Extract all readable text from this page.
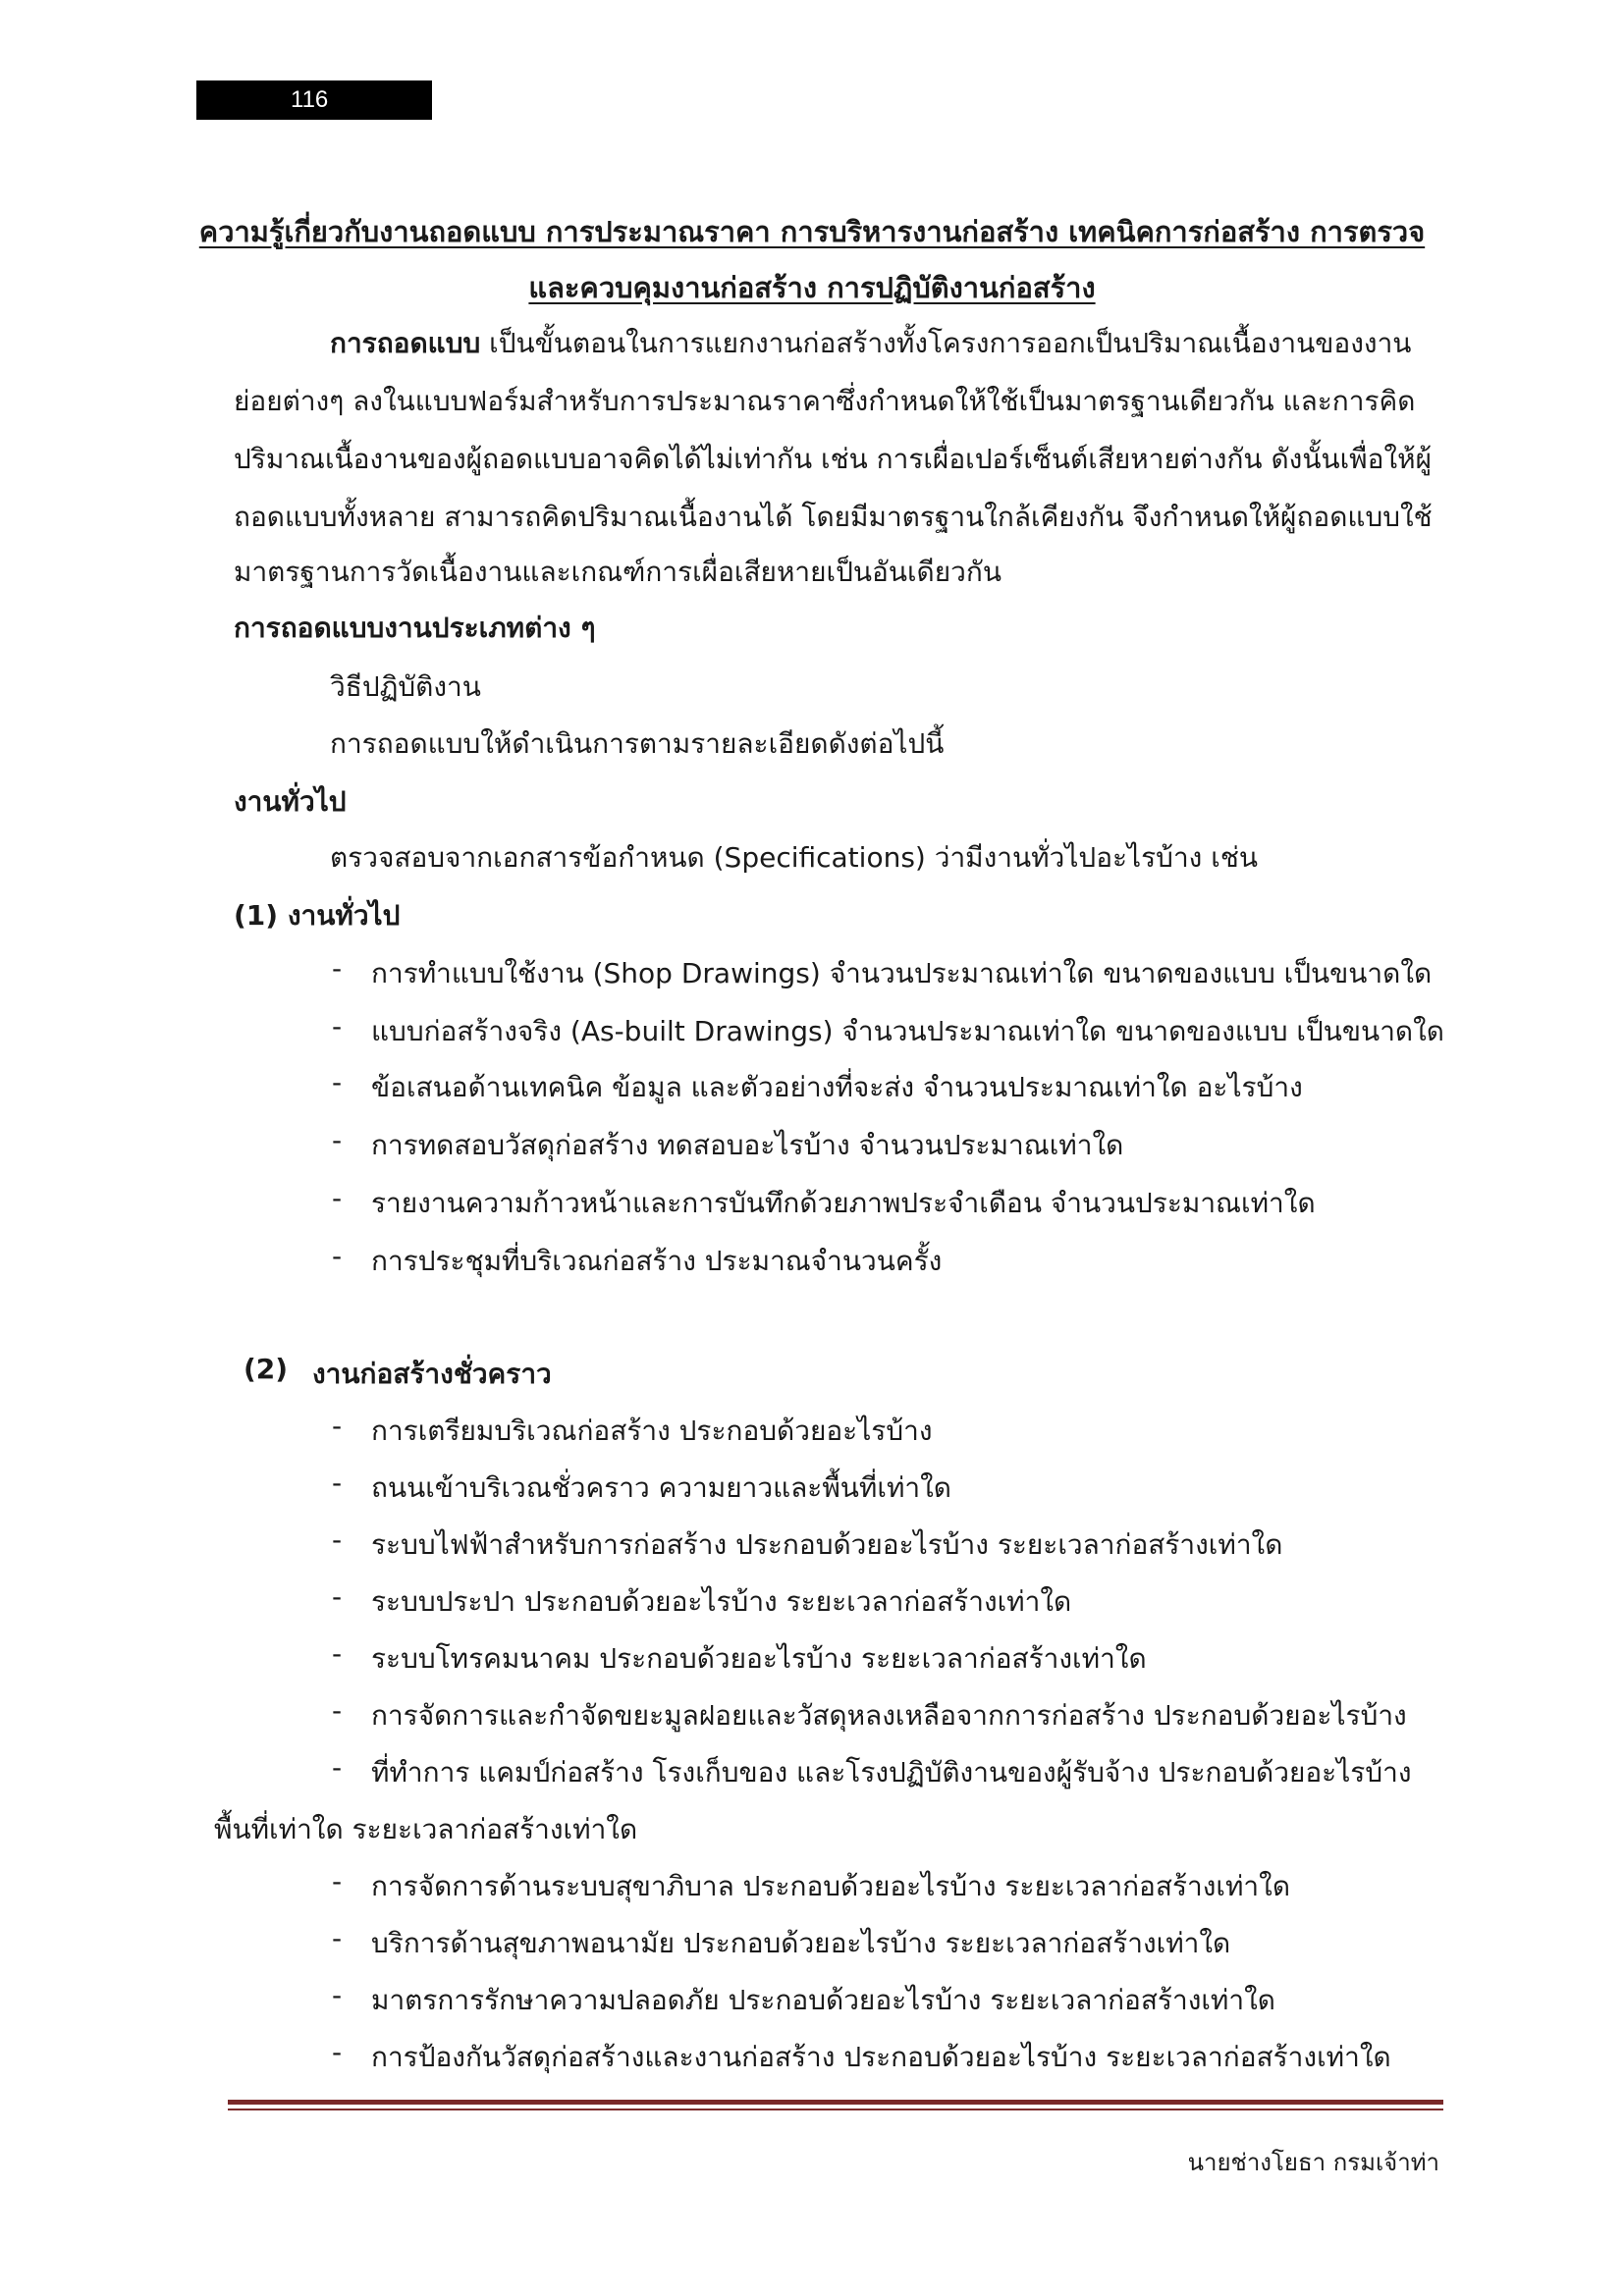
116
ความรู้เกี่ยวกับงานถอดแบบ การประมาณราคา การบริหารงานก่อสร้าง เทคนิคการก่อสร้าง การตรวจ
และควบคุมงานก่อสร้าง การปฏิบัติงานก่อสร้าง
การถอดแบบ เป็นขั้นตอนในการแยกงานก่อสร้างทั้งโครงการออกเป็นปริมาณเนื้องานของงาน
ย่อยต่างๆ ลงในแบบฟอร์มสำหรับการประมาณราคาซึ่งกำหนดให้ใช้เป็นมาตรฐานเดียวกัน และการคิด
ปริมาณเนื้องานของผู้ถอดแบบอาจคิดได้ไม่เท่ากัน เช่น การเผื่อเปอร์เซ็นต์เสียหายต่างกัน ดังนั้นเพื่อให้ผู้
ถอดแบบทั้งหลาย สามารถคิดปริมาณเนื้องานได้ โดยมีมาตรฐานใกล้เคียงกัน จึงกำหนดให้ผู้ถอดแบบใช้
มาตรฐานการวัดเนื้องานและเกณฑ์การเผื่อเสียหายเป็นอันเดียวกัน
การถอดแบบงานประเภทต่าง ๆ
วิธีปฏิบัติงาน
การถอดแบบให้ดำเนินการตามรายละเอียดดังต่อไปนี้
งานทั่วไป
ตรวจสอบจากเอกสารข้อกำหนด (Specifications) ว่ามีงานทั่วไปอะไรบ้าง เช่น
(1) งานทั่วไป
- การทำแบบใช้งาน (Shop Drawings) จำนวนประมาณเท่าใด ขนาดของแบบ เป็นขนาดใด
- แบบก่อสร้างจริง (As-built Drawings) จำนวนประมาณเท่าใด ขนาดของแบบ เป็นขนาดใด
- ข้อเสนอด้านเทคนิค ข้อมูล และตัวอย่างที่จะส่ง จำนวนประมาณเท่าใด อะไรบ้าง
- การทดสอบวัสดุก่อสร้าง ทดสอบอะไรบ้าง จำนวนประมาณเท่าใด
- รายงานความก้าวหน้าและการบันทึกด้วยภาพประจำเดือน จำนวนประมาณเท่าใด
- การประชุมที่บริเวณก่อสร้าง ประมาณจำนวนครั้ง
(2) งานก่อสร้างชั่วคราว
- การเตรียมบริเวณก่อสร้าง ประกอบด้วยอะไรบ้าง
- ถนนเข้าบริเวณชั่วคราว ความยาวและพื้นที่เท่าใด
- ระบบไฟฟ้าสำหรับการก่อสร้าง ประกอบด้วยอะไรบ้าง ระยะเวลาก่อสร้างเท่าใด
- ระบบประปา ประกอบด้วยอะไรบ้าง ระยะเวลาก่อสร้างเท่าใด
- ระบบโทรคมนาคม ประกอบด้วยอะไรบ้าง ระยะเวลาก่อสร้างเท่าใด
- การจัดการและกำจัดขยะมูลฝอยและวัสดุหลงเหลือจากการก่อสร้าง ประกอบด้วยอะไรบ้าง
- ที่ทำการ แคมป์ก่อสร้าง โรงเก็บของ และโรงปฏิบัติงานของผู้รับจ้าง ประกอบด้วยอะไรบ้าง
พื้นที่เท่าใด ระยะเวลาก่อสร้างเท่าใด
- การจัดการด้านระบบสุขาภิบาล ประกอบด้วยอะไรบ้าง ระยะเวลาก่อสร้างเท่าใด
- บริการด้านสุขภาพอนามัย ประกอบด้วยอะไรบ้าง ระยะเวลาก่อสร้างเท่าใด
- มาตรการรักษาความปลอดภัย ประกอบด้วยอะไรบ้าง ระยะเวลาก่อสร้างเท่าใด
- การป้องกันวัสดุก่อสร้างและงานก่อสร้าง ประกอบด้วยอะไรบ้าง ระยะเวลาก่อสร้างเท่าใด
นายช่างโยธา กรมเจ้าท่า
